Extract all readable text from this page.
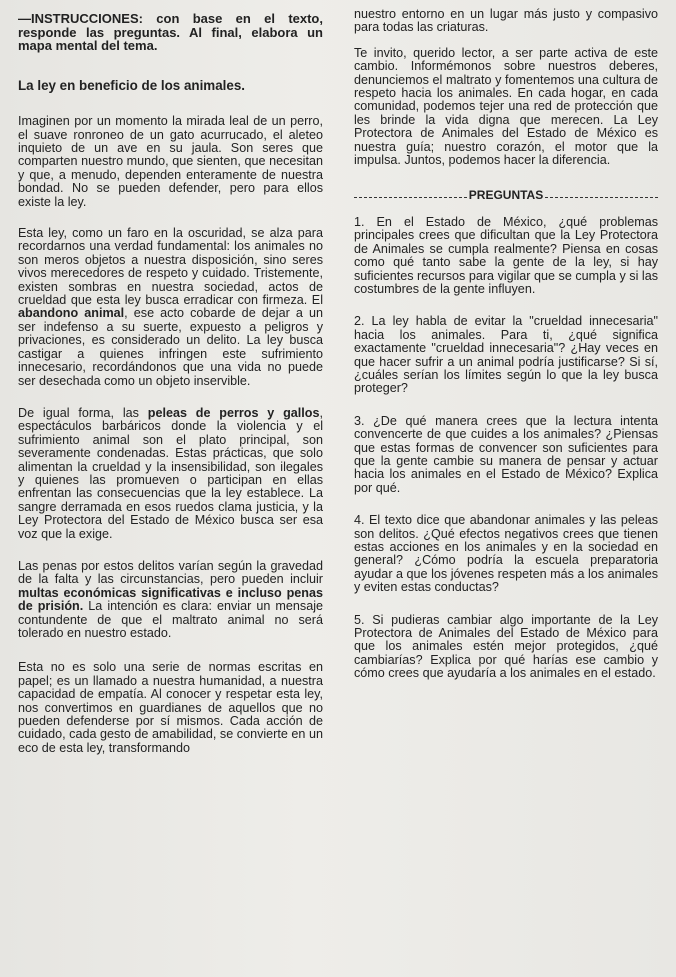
—INSTRUCCIONES: con base en el texto, responde las preguntas. Al final, elabora un mapa mental del tema.

La ley en beneficio de los animales.

Imaginen por un momento la mirada leal de un perro, el suave ronroneo de un gato acurrucado, el aleteo inquieto de un ave en su jaula. Son seres que comparten nuestro mundo, que sienten, que necesitan y que, a menudo, dependen enteramente de nuestra bondad. No se pueden defender, pero para ellos existe la ley.

Esta ley, como un faro en la oscuridad, se alza para recordarnos una verdad fundamental: los animales no son meros objetos a nuestra disposición, sino seres vivos merecedores de respeto y cuidado. Tristemente, existen sombras en nuestra sociedad, actos de crueldad que esta ley busca erradicar con firmeza. El abandono animal, ese acto cobarde de dejar a un ser indefenso a su suerte, expuesto a peligros y privaciones, es considerado un delito. La ley busca castigar a quienes infringen este sufrimiento innecesario, recordándonos que una vida no puede ser desechada como un objeto inservible.

De igual forma, las peleas de perros y gallos, espectáculos barbáricos donde la violencia y el sufrimiento animal son el plato principal, son severamente condenadas. Estas prácticas, que solo alimentan la crueldad y la insensibilidad, son ilegales y quienes las promueven o participan en ellas enfrentan las consecuencias que la ley establece. La sangre derramada en esos ruedos clama justicia, y la Ley Protectora del Estado de México busca ser esa voz que la exige.

Las penas por estos delitos varían según la gravedad de la falta y las circunstancias, pero pueden incluir multas económicas significativas e incluso penas de prisión. La intención es clara: enviar un mensaje contundente de que el maltrato animal no será tolerado en nuestro estado.

Esta no es solo una serie de normas escritas en papel; es un llamado a nuestra humanidad, a nuestra capacidad de empatía. Al conocer y respetar esta ley, nos convertimos en guardianes de aquellos que no pueden defenderse por sí mismos. Cada acción de cuidado, cada gesto de amabilidad, se convierte en un eco de esta ley, transformando

nuestro entorno en un lugar más justo y compasivo para todas las criaturas.

Te invito, querido lector, a ser parte activa de este cambio. Informémonos sobre nuestros deberes, denunciemos el maltrato y fomentemos una cultura de respeto hacia los animales. En cada hogar, en cada comunidad, podemos tejer una red de protección que les brinde la vida digna que merecen. La Ley Protectora de Animales del Estado de México es nuestra guía; nuestro corazón, el motor que la impulsa. Juntos, podemos hacer la diferencia.

PREGUNTAS

1. En el Estado de México, ¿qué problemas principales crees que dificultan que la Ley Protectora de Animales se cumpla realmente? Piensa en cosas como qué tanto sabe la gente de la ley, si hay suficientes recursos para vigilar que se cumpla y si las costumbres de la gente influyen.

2. La ley habla de evitar la "crueldad innecesaria" hacia los animales. Para ti, ¿qué significa exactamente "crueldad innecesaria"? ¿Hay veces en que hacer sufrir a un animal podría justificarse? Si sí, ¿cuáles serían los límites según lo que la ley busca proteger?

3. ¿De qué manera crees que la lectura intenta convencerte de que cuides a los animales? ¿Piensas que estas formas de convencer son suficientes para que la gente cambie su manera de pensar y actuar hacia los animales en el Estado de México? Explica por qué.

4. El texto dice que abandonar animales y las peleas son delitos. ¿Qué efectos negativos crees que tienen estas acciones en los animales y en la sociedad en general? ¿Cómo podría la escuela preparatoria ayudar a que los jóvenes respeten más a los animales y eviten estas conductas?

5. Si pudieras cambiar algo importante de la Ley Protectora de Animales del Estado de México para que los animales estén mejor protegidos, ¿qué cambiarías? Explica por qué harías ese cambio y cómo crees que ayudaría a los animales en el estado.
